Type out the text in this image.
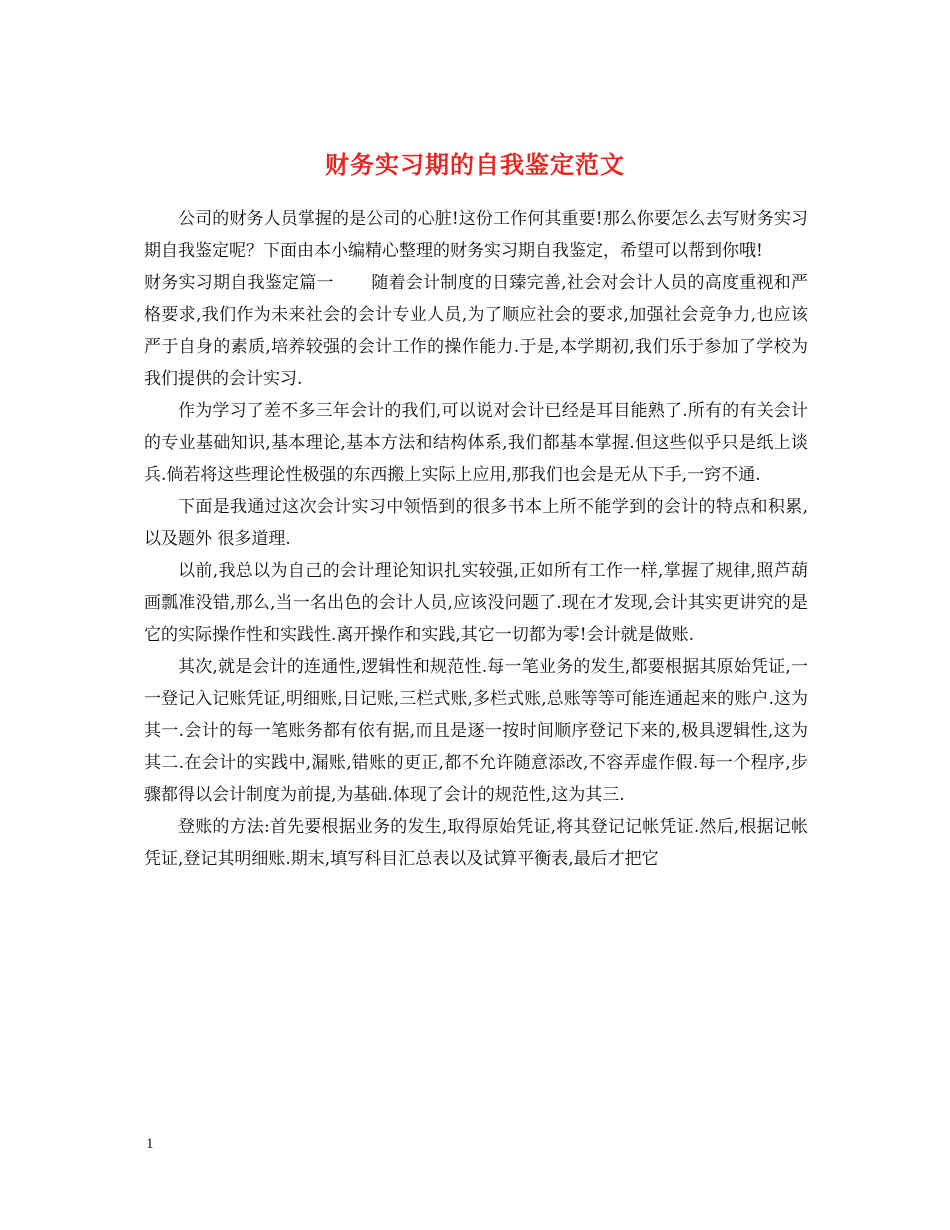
财务实习期的自我鉴定范文

公司的财务人员掌握的是公司的心脏!这份工作何其重要!那么你要怎么去写财务实习期自我鉴定呢？下面由本小编精心整理的财务实习期自我鉴定，希望可以帮到你哦!

财务实习期自我鉴定篇一 随着会计制度的日臻完善,社会对会计人员的高度重视和严格要求,我们作为未来社会的会计专业人员,为了顺应社会的要求,加强社会竞争力,也应该严于自身的素质,培养较强的会计工作的操作能力.于是,本学期初,我们乐于参加了学校为我们提供的会计实习.

作为学习了差不多三年会计的我们,可以说对会计已经是耳目能熟了.所有的有关会计的专业基础知识,基本理论,基本方法和结构体系,我们都基本掌握.但这些似乎只是纸上谈兵.倘若将这些理论性极强的东西搬上实际上应用,那我们也会是无从下手,一窍不通.

下面是我通过这次会计实习中领悟到的很多书本上所不能学到的会计的特点和积累,以及题外 很多道理.

以前,我总以为自己的会计理论知识扎实较强,正如所有工作一样,掌握了规律,照芦葫画瓢准没错,那么,当一名出色的会计人员,应该没问题了.现在才发现,会计其实更讲究的是它的实际操作性和实践性.离开操作和实践,其它一切都为零!会计就是做账.

其次,就是会计的连通性,逻辑性和规范性.每一笔业务的发生,都要根据其原始凭证,一一登记入记账凭证,明细账,日记账,三栏式账,多栏式账,总账等等可能连通起来的账户.这为其一.会计的每一笔账务都有依有据,而且是逐一按时间顺序登记下来的,极具逻辑性,这为其二.在会计的实践中,漏账,错账的更正,都不允许随意添改,不容弄虚作假.每一个程序,步骤都得以会计制度为前提,为基础.体现了会计的规范性,这为其三.

登账的方法:首先要根据业务的发生,取得原始凭证,将其登记记帐凭证.然后,根据记帐凭证,登记其明细账.期末,填写科目汇总表以及试算平衡表,最后才把它

1
